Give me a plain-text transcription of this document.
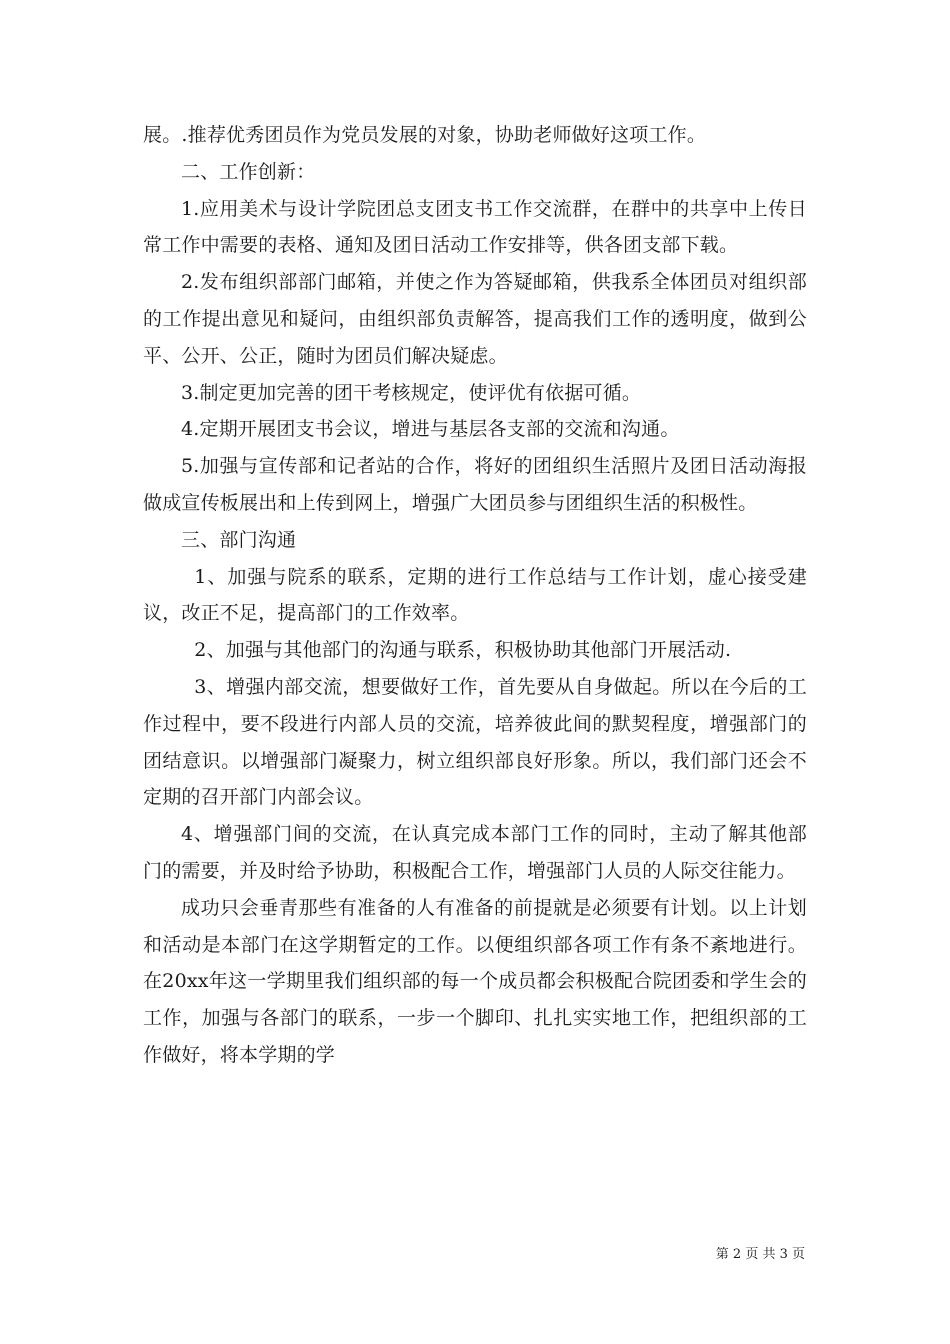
展。.推荐优秀团员作为党员发展的对象，协助老师做好这项工作。

二、工作创新：

1.应用美术与设计学院团总支团支书工作交流群，在群中的共享中上传日常工作中需要的表格、通知及团日活动工作安排等，供各团支部下载。

2.发布组织部部门邮箱，并使之作为答疑邮箱，供我系全体团员对组织部的工作提出意见和疑问，由组织部负责解答，提高我们工作的透明度，做到公平、公开、公正，随时为团员们解决疑虑。

3.制定更加完善的团干考核规定，使评优有依据可循。

4.定期开展团支书会议，增进与基层各支部的交流和沟通。

5.加强与宣传部和记者站的合作，将好的团组织生活照片及团日活动海报做成宣传板展出和上传到网上，增强广大团员参与团组织生活的积极性。

三、部门沟通

1、加强与院系的联系，定期的进行工作总结与工作计划，虚心接受建议，改正不足，提高部门的工作效率。

2、加强与其他部门的沟通与联系，积极协助其他部门开展活动.

3、增强内部交流，想要做好工作，首先要从自身做起。所以在今后的工作过程中，要不段进行内部人员的交流，培养彼此间的默契程度，增强部门的团结意识。以增强部门凝聚力，树立组织部良好形象。所以，我们部门还会不定期的召开部门内部会议。

4、增强部门间的交流，在认真完成本部门工作的同时，主动了解其他部门的需要，并及时给予协助，积极配合工作，增强部门人员的人际交往能力。

成功只会垂青那些有准备的人有准备的前提就是必须要有计划。以上计划和活动是本部门在这学期暂定的工作。以便组织部各项工作有条不紊地进行。在20xx年这一学期里我们组织部的每一个成员都会积极配合院团委和学生会的工作，加强与各部门的联系，一步一个脚印、扎扎实实地工作，把组织部的工作做好，将本学期的学

第 2 页 共 3 页
